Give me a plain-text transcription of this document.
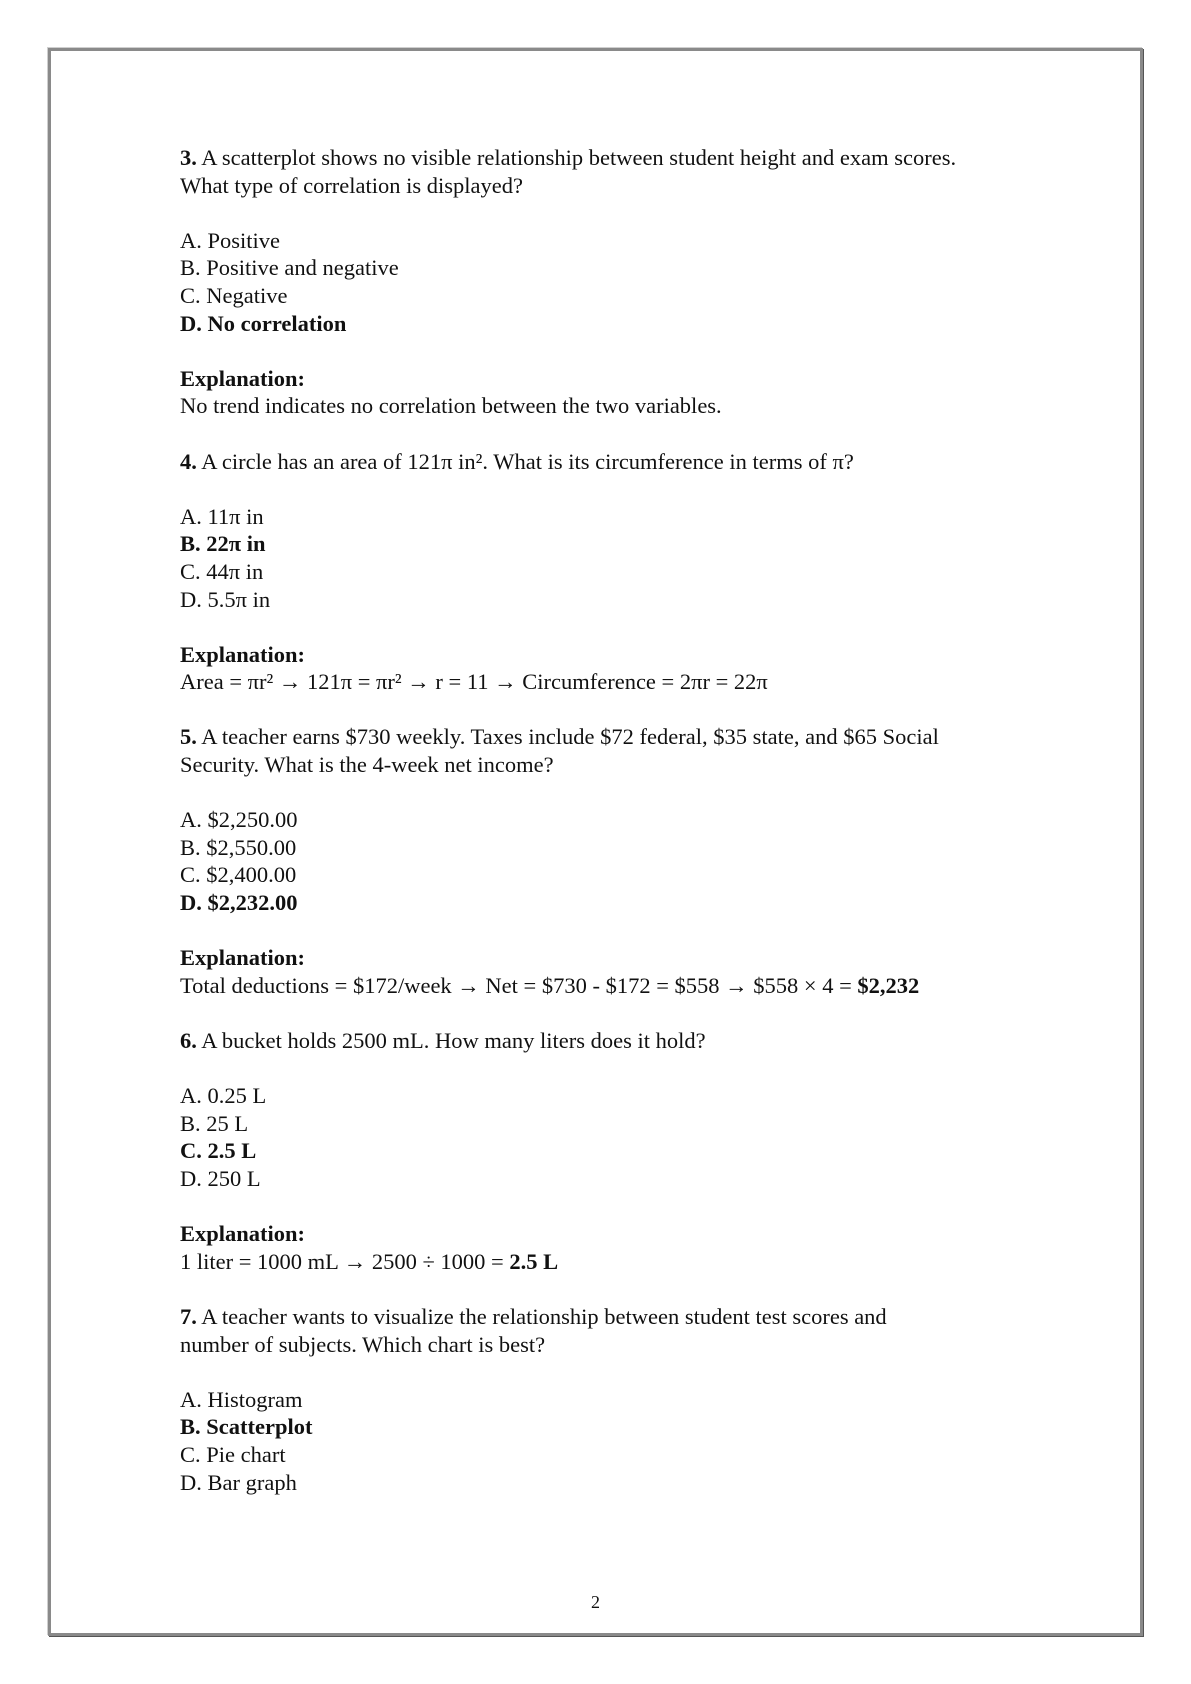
3. A scatterplot shows no visible relationship between student height and exam scores.
What type of correlation is displayed?

A. Positive

B. Positive and negative

C. Negative

D. No correlation

Explanation:

No trend indicates no correlation between the two variables.

4. A circle has an area of 121π in². What is its circumference in terms of π?

A. 11π in

B. 22π in

C. 44π in

D. 5.5π in

Explanation:

Area = πr² → 121π = πr² → r = 11 → Circumference = 2πr = 22π

5. A teacher earns $730 weekly. Taxes include $72 federal, $35 state, and $65 Social
Security. What is the 4-week net income?

A. $2,250.00

B. $2,550.00

C. $2,400.00

D. $2,232.00

Explanation:

Total deductions = $172/week → Net = $730 - $172 = $558 → $558 × 4 = $2,232

6. A bucket holds 2500 mL. How many liters does it hold?

A. 0.25 L

B. 25 L

C. 2.5 L

D. 250 L

Explanation:

1 liter = 1000 mL → 2500 ÷ 1000 = 2.5 L

7. A teacher wants to visualize the relationship between student test scores and
number of subjects. Which chart is best?

A. Histogram

B. Scatterplot

C. Pie chart

D. Bar graph

2
